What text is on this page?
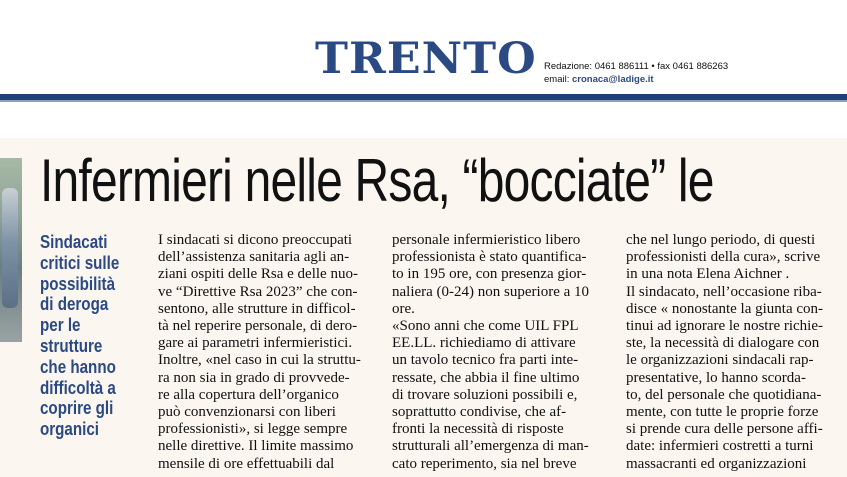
TRENTO Redazione: 0461 886111 • fax 0461 886263
email: cronaca@ladige.it
Infermieri nelle Rsa, “bocciate” le
Sindacati
critici sulle
possibilità
di deroga
per le
strutture
che hanno
difficoltà a
coprire gli
organici
I sindacati si dicono preoccupati
dell’assistenza sanitaria agli an-
ziani ospiti delle Rsa e delle nuo-
ve “Direttive Rsa 2023” che con-
sentono, alle strutture in difficol-
tà nel reperire personale, di dero-
gare ai parametri infermieristici.
Inoltre, «nel caso in cui la struttu-
ra non sia in grado di provvede-
re alla copertura dell’organico
può convenzionarsi con liberi
professionisti», si legge sempre
nelle direttive. Il limite massimo
mensile di ore effettuabili dal
personale infermieristico libero
professionista è stato quantifica-
to in 195 ore, con presenza gior-
naliera (0-24) non superiore a 10
ore.
«Sono anni che come UIL FPL
EE.LL. richiediamo di attivare
un tavolo tecnico fra parti inte-
ressate, che abbia il fine ultimo
di trovare soluzioni possibili e,
soprattutto condivise, che af-
fronti la necessità di risposte
strutturali all’emergenza di man-
cato reperimento, sia nel breve
che nel lungo periodo, di questi
professionisti della cura», scrive
in una nota Elena Aichner .
Il sindacato, nell’occasione riba-
disce « nonostante la giunta con-
tinui ad ignorare le nostre richie-
ste, la necessità di dialogare con
le organizzazioni sindacali rap-
presentative, lo hanno scorda-
to, del personale che quotidiana-
mente, con tutte le proprie forze
si prende cura delle persone affi-
date: infermieri costretti a turni
massacranti ed organizzazioni
